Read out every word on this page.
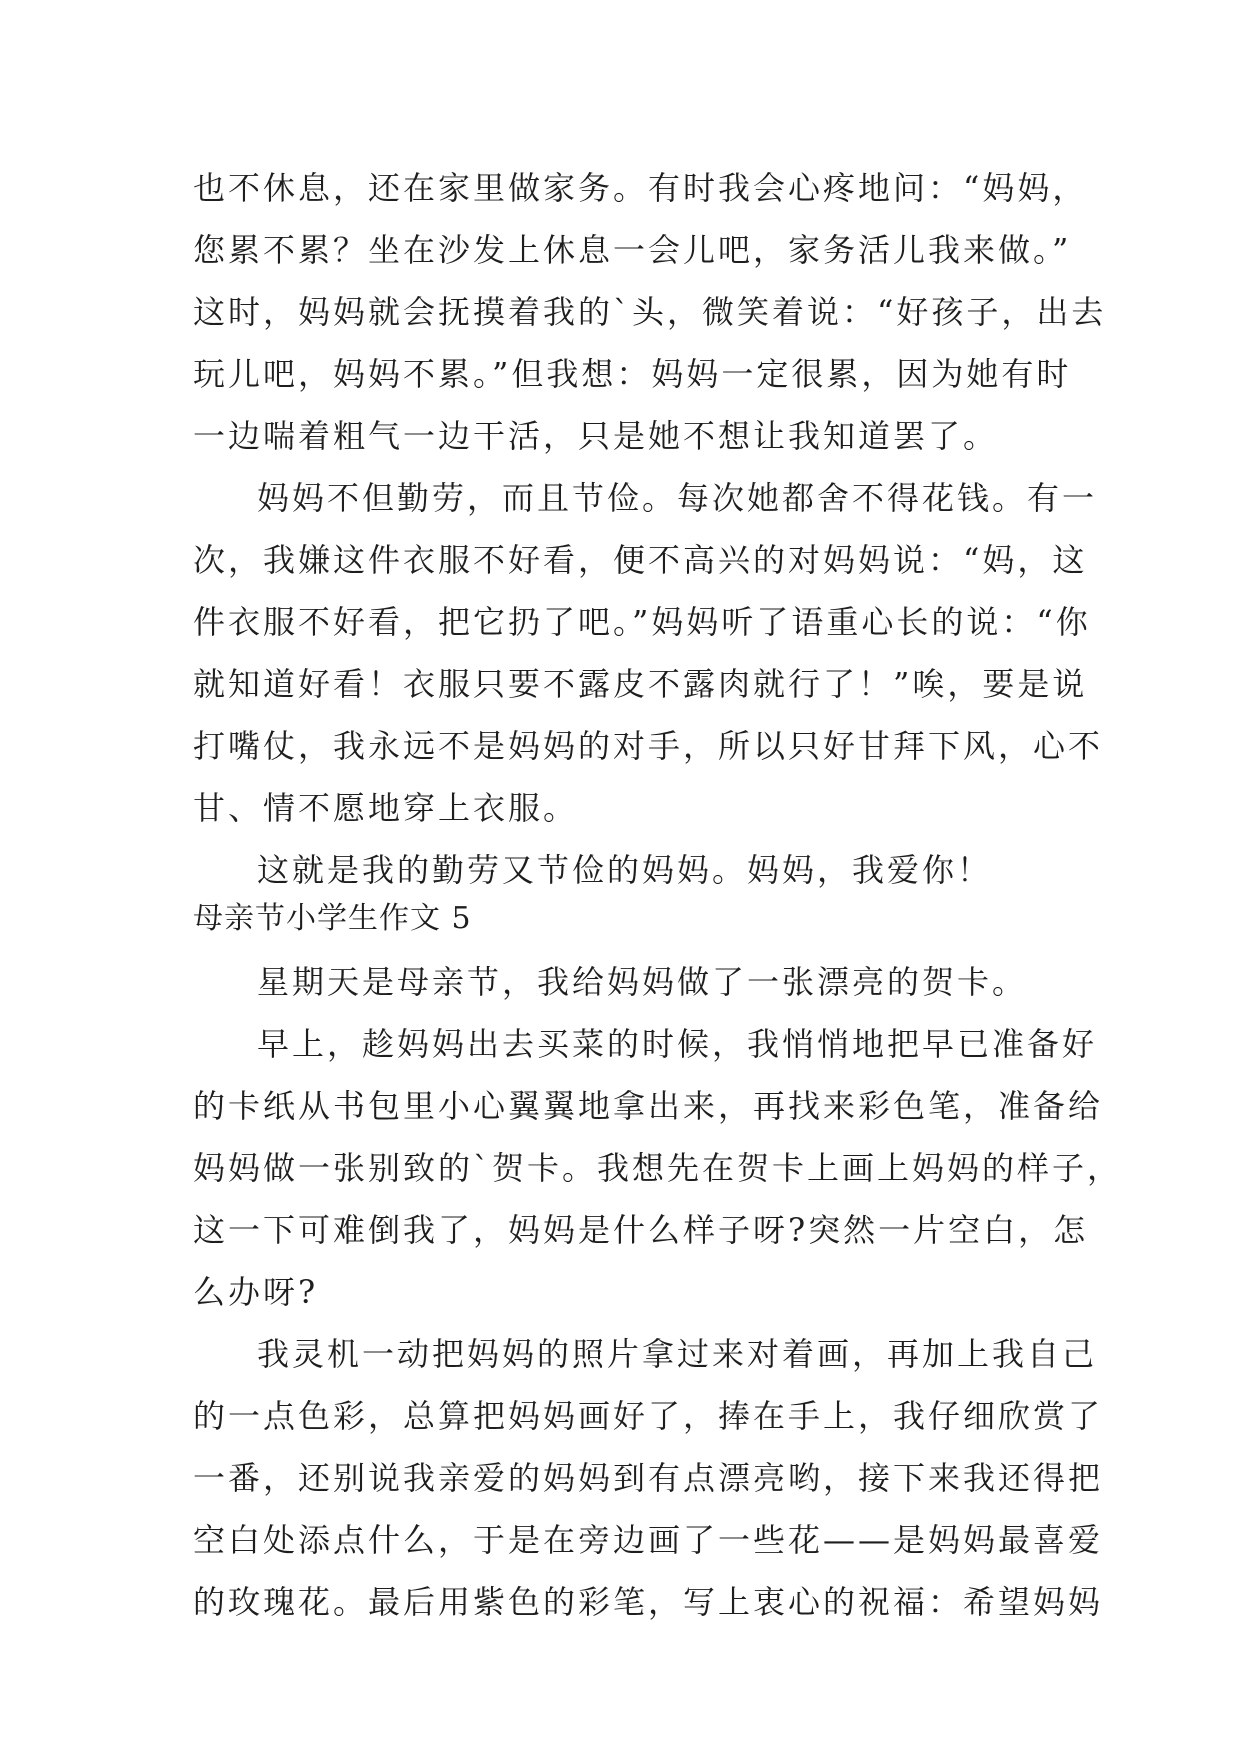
也不休息，还在家里做家务。有时我会心疼地问：“妈妈，
您累不累？坐在沙发上休息一会儿吧，家务活儿我来做。”
这时，妈妈就会抚摸着我的`头，微笑着说：“好孩子，出去
玩儿吧，妈妈不累。”但我想：妈妈一定很累，因为她有时
一边喘着粗气一边干活，只是她不想让我知道罢了。
妈妈不但勤劳，而且节俭。每次她都舍不得花钱。有一
次，我嫌这件衣服不好看，便不高兴的对妈妈说：“妈，这
件衣服不好看，把它扔了吧。”妈妈听了语重心长的说：“你
就知道好看！衣服只要不露皮不露肉就行了！”唉，要是说
打嘴仗，我永远不是妈妈的对手，所以只好甘拜下风，心不
甘、情不愿地穿上衣服。
这就是我的勤劳又节俭的妈妈。妈妈，我爱你！
母亲节小学生作文 5
星期天是母亲节，我给妈妈做了一张漂亮的贺卡。
早上，趁妈妈出去买菜的时候，我悄悄地把早已准备好
的卡纸从书包里小心翼翼地拿出来，再找来彩色笔，准备给
妈妈做一张别致的`贺卡。我想先在贺卡上画上妈妈的样子，
这一下可难倒我了，妈妈是什么样子呀?突然一片空白，怎
么办呀?
我灵机一动把妈妈的照片拿过来对着画，再加上我自己
的一点色彩，总算把妈妈画好了，捧在手上，我仔细欣赏了
一番，还别说我亲爱的妈妈到有点漂亮哟，接下来我还得把
空白处添点什么，于是在旁边画了一些花——是妈妈最喜爱
的玫瑰花。最后用紫色的彩笔，写上衷心的祝福：希望妈妈
